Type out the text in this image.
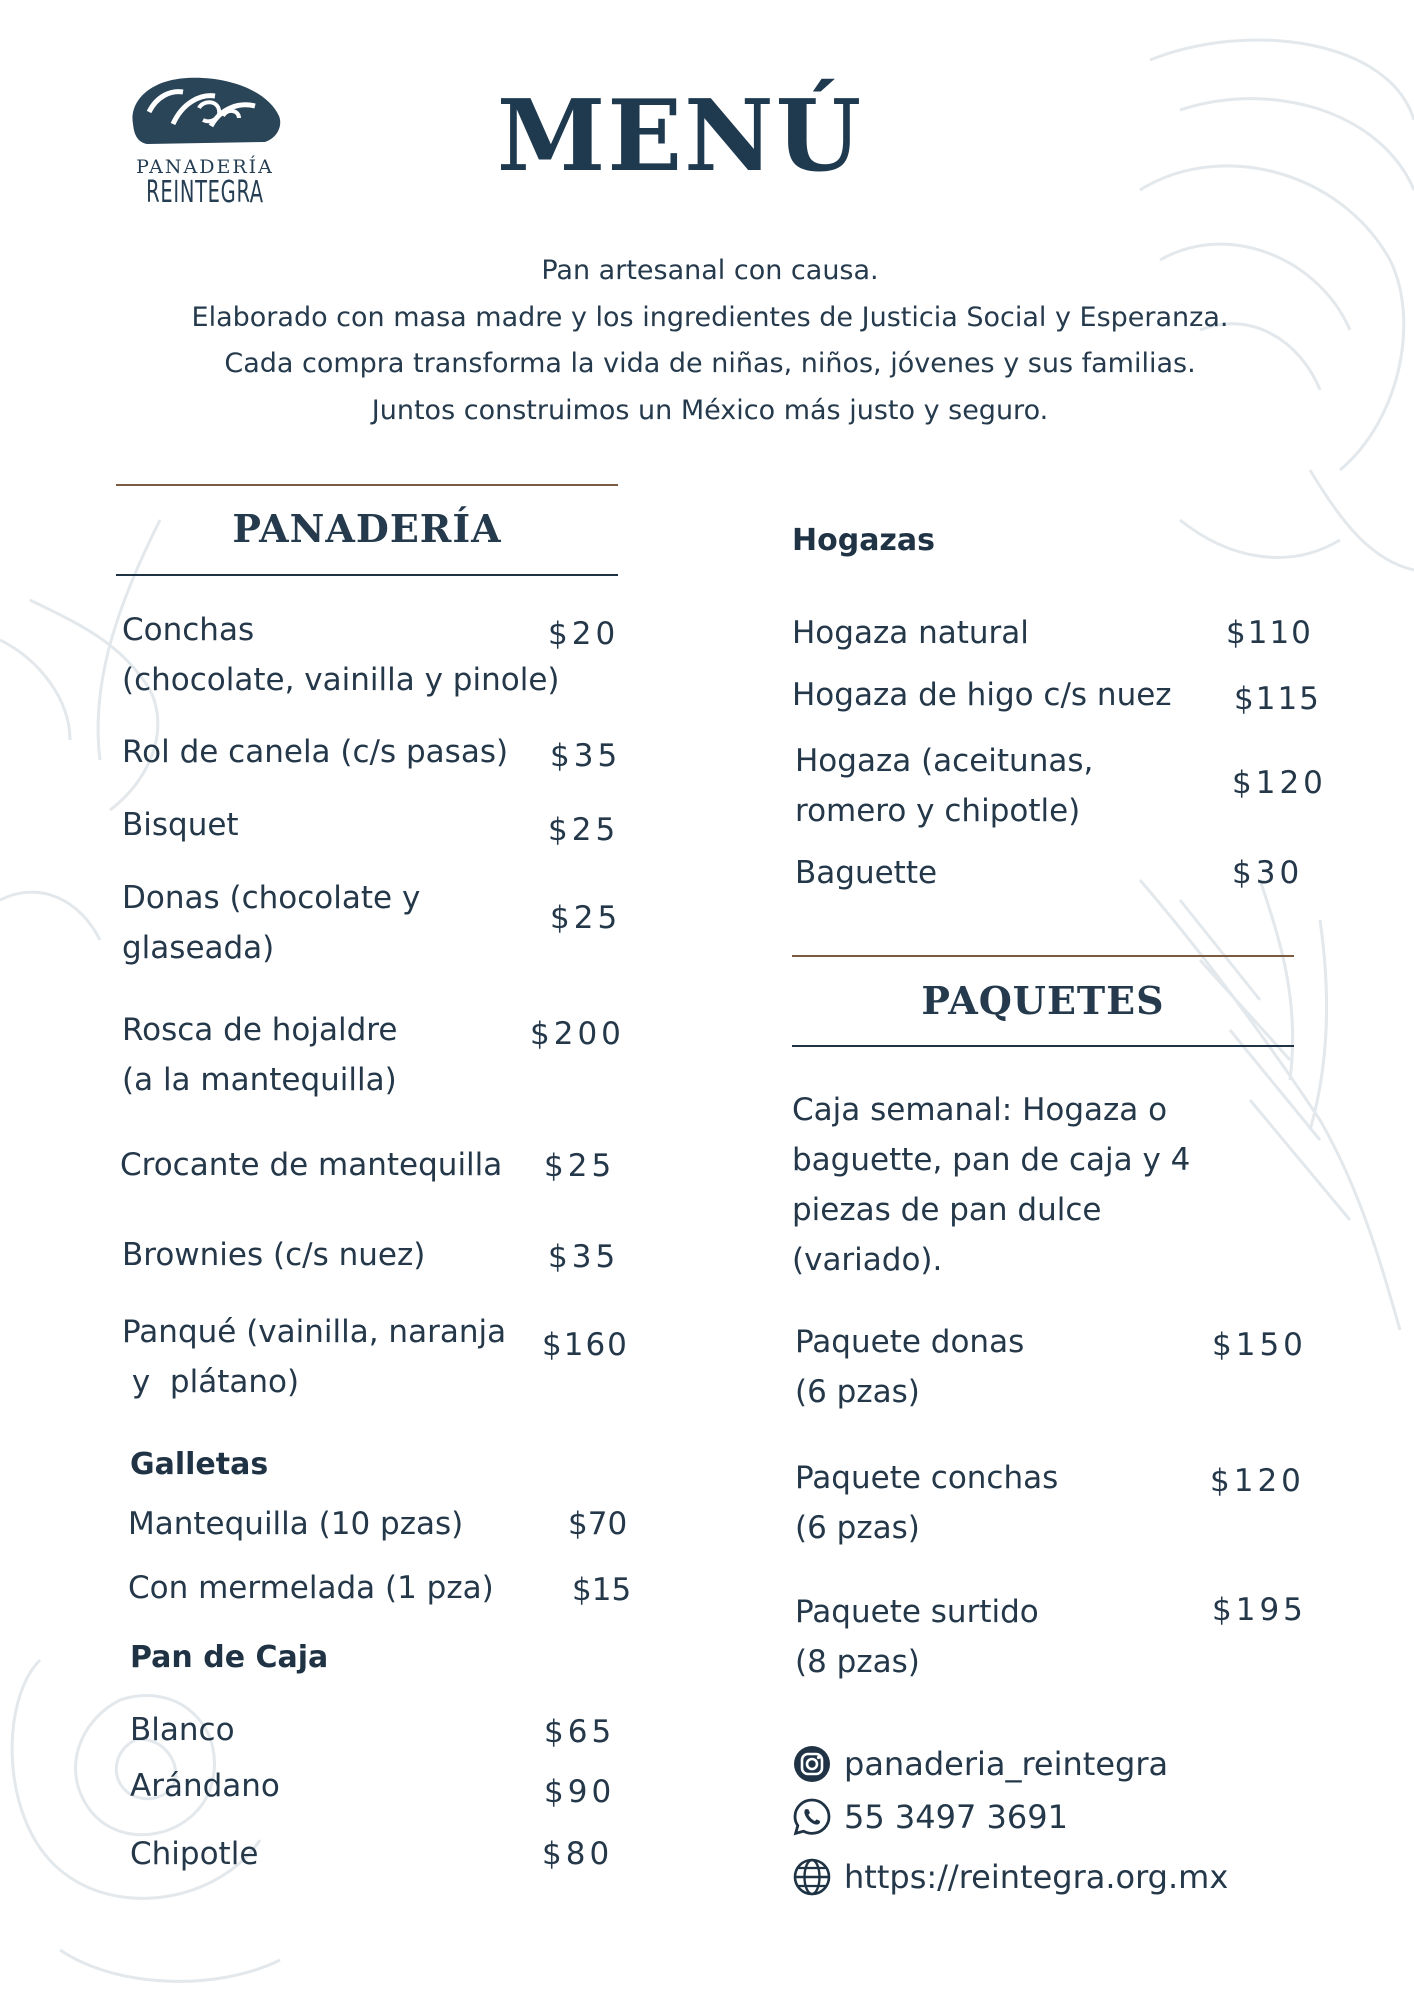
PANADERÍA
REINTEGRA MENÚ
Pan artesanal con causa.
Elaborado con masa madre y los ingredientes de Justicia Social y Esperanza.
Cada compra transforma la vida de niñas, niños, jóvenes y sus familias.
Juntos construimos un México más justo y seguro.
PANADERÍA
Conchas
(chocolate, vainilla y pinole)
$20
Rol de canela (c/s pasas) $35
Bisquet	$25
Donas (chocolate y
glaseada)
$25
Rosca de hojaldre
(a la mantequilla)
$200
Crocante de mantequilla $25
Brownies (c/s nuez)	$35
Panqué (vainilla, naranja
y  plátano)
$160
Galletas
Mantequilla (10 pzas)	$70
Con mermelada (1 pza)	$15
Pan de Caja
Blanco	$65
Arándano	$90
Chipotle	$80
Hogazas
Hogaza natural	$110
Hogaza de higo c/s nuez $115
Hogaza (aceitunas,
romero y chipotle)
$120
Baguette	$30
PAQUETES
Caja semanal: Hogaza o
baguette, pan de caja y 4
piezas de pan dulce
(variado).
Paquete donas
(6 pzas)
$150
Paquete conchas
(6 pzas)
$120
Paquete surtido
(8 pzas)
$195
panaderia_reintegra
55 3497 3691
https://reintegra.org.mx
